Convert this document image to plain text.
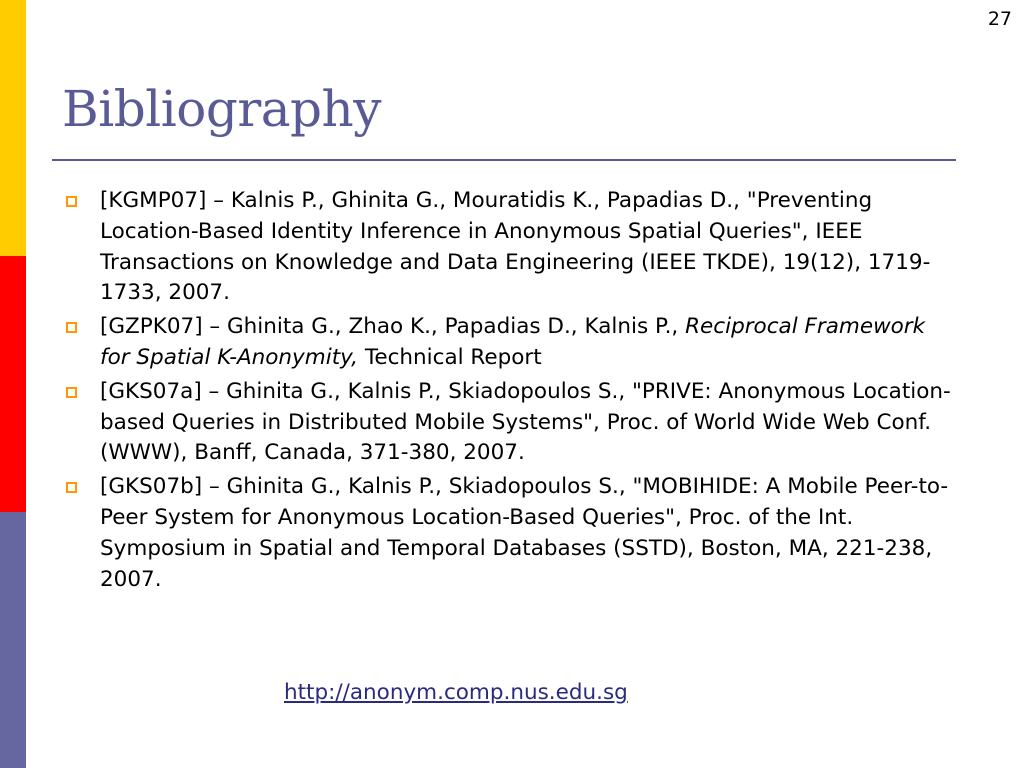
27
Bibliography
[KGMP07] – Kalnis P., Ghinita G., Mouratidis K., Papadias D., "Preventing Location-Based Identity Inference in Anonymous Spatial Queries", IEEE Transactions on Knowledge and Data Engineering (IEEE TKDE), 19(12), 1719-1733, 2007.
[GZPK07] – Ghinita G., Zhao K., Papadias D., Kalnis P., Reciprocal Framework for Spatial K-Anonymity, Technical Report
[GKS07a] – Ghinita G., Kalnis P., Skiadopoulos S., "PRIVE: Anonymous Location-based Queries in Distributed Mobile Systems", Proc. of World Wide Web Conf. (WWW), Banff, Canada, 371-380, 2007.
[GKS07b] – Ghinita G., Kalnis P., Skiadopoulos S., "MOBIHIDE: A Mobile Peer-to-Peer System for Anonymous Location-Based Queries", Proc. of the Int. Symposium in Spatial and Temporal Databases (SSTD), Boston, MA, 221-238, 2007.
http://anonym.comp.nus.edu.sg
